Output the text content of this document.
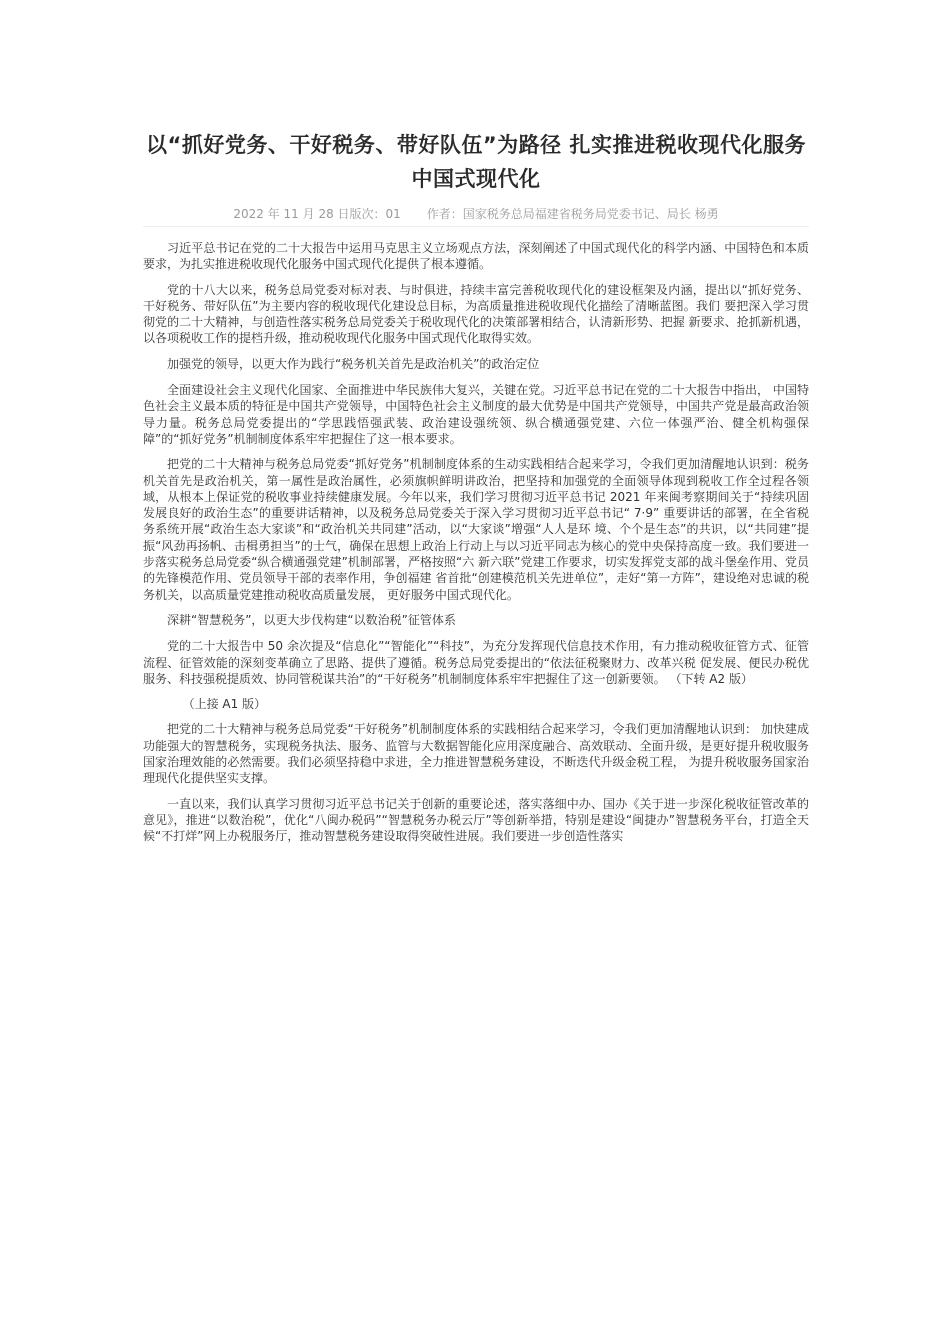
以“抓好党务、干好税务、带好队伍”为路径 扎实推进税收现代化服务中国式现代化
2022 年 11 月 28 日版次：01 作者：国家税务总局福建省税务局党委书记、局长 杨勇

习近平总书记在党的二十大报告中运用马克思主义立场观点方法，深刻阐述了中国式现代化的科学内涵、中国特色和本质要求，为扎实推进税收现代化服务中国式现代化提供了根本遵循。

党的十八大以来，税务总局党委对标对表、与时俱进，持续丰富完善税收现代化的建设框架及内涵，提出以“抓好党务、干好税务、带好队伍”为主要内容的税收现代化建设总目标，为高质量推进税收现代化描绘了清晰蓝图。我们 要把深入学习贯彻党的二十大精神，与创造性落实税务总局党委关于税收现代化的决策部署相结合，认清新形势、把握 新要求、抢抓新机遇，以各项税收工作的提档升级，推动税收现代化服务中国式现代化取得实效。

加强党的领导，以更大作为践行“税务机关首先是政治机关”的政治定位

全面建设社会主义现代化国家、全面推进中华民族伟大复兴，关键在党。习近平总书记在党的二十大报告中指出， 中国特色社会主义最本质的特征是中国共产党领导，中国特色社会主义制度的最大优势是中国共产党领导，中国共产党是最高政治领导力量。税务总局党委提出的“学思践悟强武装、政治建设强统领、纵合横通强党建、六位一体强严治、健全机构强保障”的“抓好党务”机制制度体系牢牢把握住了这一根本要求。

把党的二十大精神与税务总局党委“抓好党务”机制制度体系的生动实践相结合起来学习，令我们更加清醒地认识到：税务机关首先是政治机关，第一属性是政治属性，必须旗帜鲜明讲政治，把坚持和加强党的全面领导体现到税收工作全过程各领域，从根本上保证党的税收事业持续健康发展。今年以来，我们学习贯彻习近平总书记 2021 年来闽考察期间关于“持续巩固发展良好的政治生态”的重要讲话精神，以及税务总局党委关于深入学习贯彻习近平总书记“ 7·9” 重要讲话的部署，在全省税务系统开展“政治生态大家谈”和“政治机关共同建”活动，以“大家谈”增强“人人是环 境、个个是生态”的共识，以“共同建”提振“风劲再扬帆、击楫勇担当”的士气，确保在思想上政治上行动上与以习近平同志为核心的党中央保持高度一致。我们要进一步落实税务总局党委“纵合横通强党建”机制部署，严格按照“六 新六联”党建工作要求，切实发挥党支部的战斗堡垒作用、党员的先锋模范作用、党员领导干部的表率作用，争创福建 省首批“创建模范机关先进单位”，走好“第一方阵”，建设绝对忠诚的税务机关，以高质量党建推动税收高质量发展， 更好服务中国式现代化。

深耕“智慧税务”，以更大步伐构建“以数治税”征管体系

党的二十大报告中 50 余次提及“信息化”“智能化”“科技”，为充分发挥现代信息技术作用，有力推动税收征管方式、征管流程、征管效能的深刻变革确立了思路、提供了遵循。税务总局党委提出的“依法征税聚财力、改革兴税 促发展、便民办税优服务、科技强税提质效、协同管税谋共治”的“干好税务”机制制度体系牢牢把握住了这一创新要领。 （下转 A2 版）

（上接 A1 版）

把党的二十大精神与税务总局党委“干好税务”机制制度体系的实践相结合起来学习，令我们更加清醒地认识到： 加快建成功能强大的智慧税务，实现税务执法、服务、监管与大数据智能化应用深度融合、高效联动、全面升级，是更好提升税收服务国家治理效能的必然需要。我们必须坚持稳中求进，全力推进智慧税务建设，不断迭代升级金税工程， 为提升税收服务国家治理现代化提供坚实支撑。

一直以来，我们认真学习贯彻习近平总书记关于创新的重要论述，落实落细中办、国办《关于进一步深化税收征管改革的意见》，推进“以数治税”，优化“八闽办税码”“智慧税务办税云厅”等创新举措，特别是建设“闽捷办”智慧税务平台，打造全天候“不打烊”网上办税服务厅，推动智慧税务建设取得突破性进展。我们要进一步创造性落实
